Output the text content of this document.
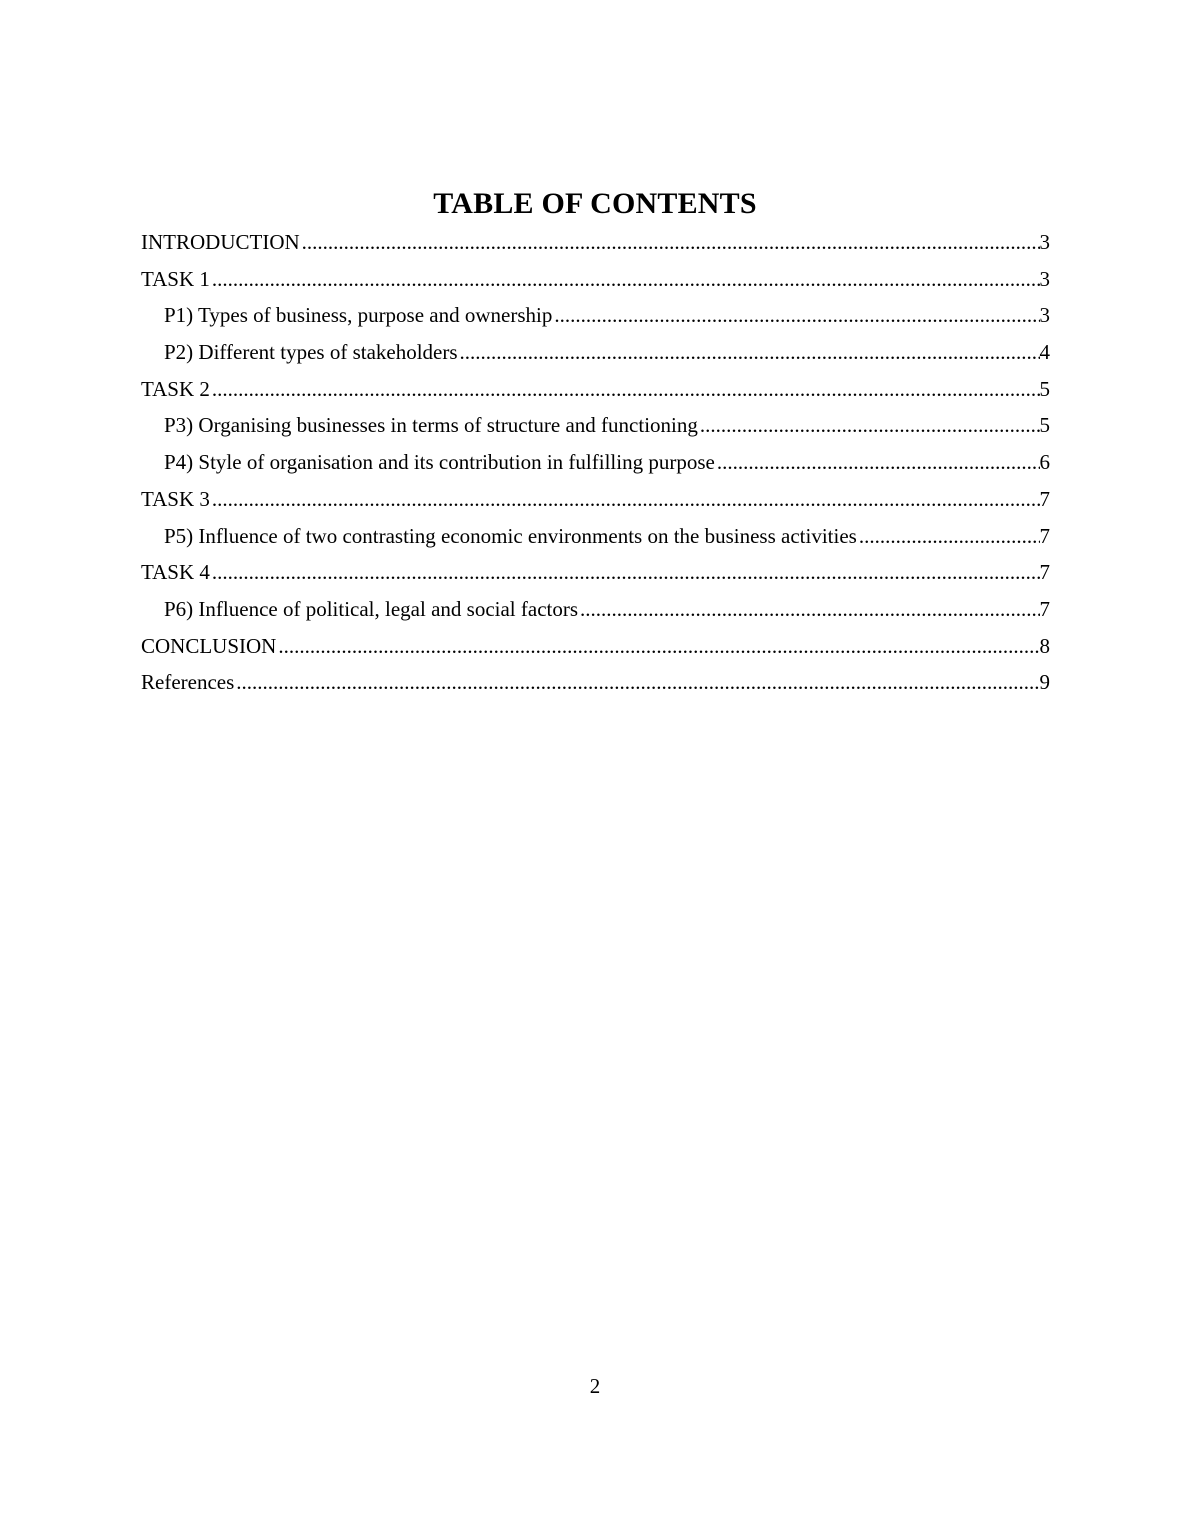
TABLE OF CONTENTS
INTRODUCTION .....	3
TASK 1 .....	3
P1) Types of business, purpose and ownership .....	3
P2) Different types of stakeholders .....	4
TASK 2 .....	5
P3) Organising businesses in terms of structure and functioning .....	5
P4) Style of organisation and its contribution in fulfilling purpose .....	6
TASK 3 .....	7
P5) Influence of two contrasting economic environments on the business activities .....	7
TASK 4 .....	7
P6) Influence of political, legal and social factors .....	7
CONCLUSION .....	8
References .....	9
2
